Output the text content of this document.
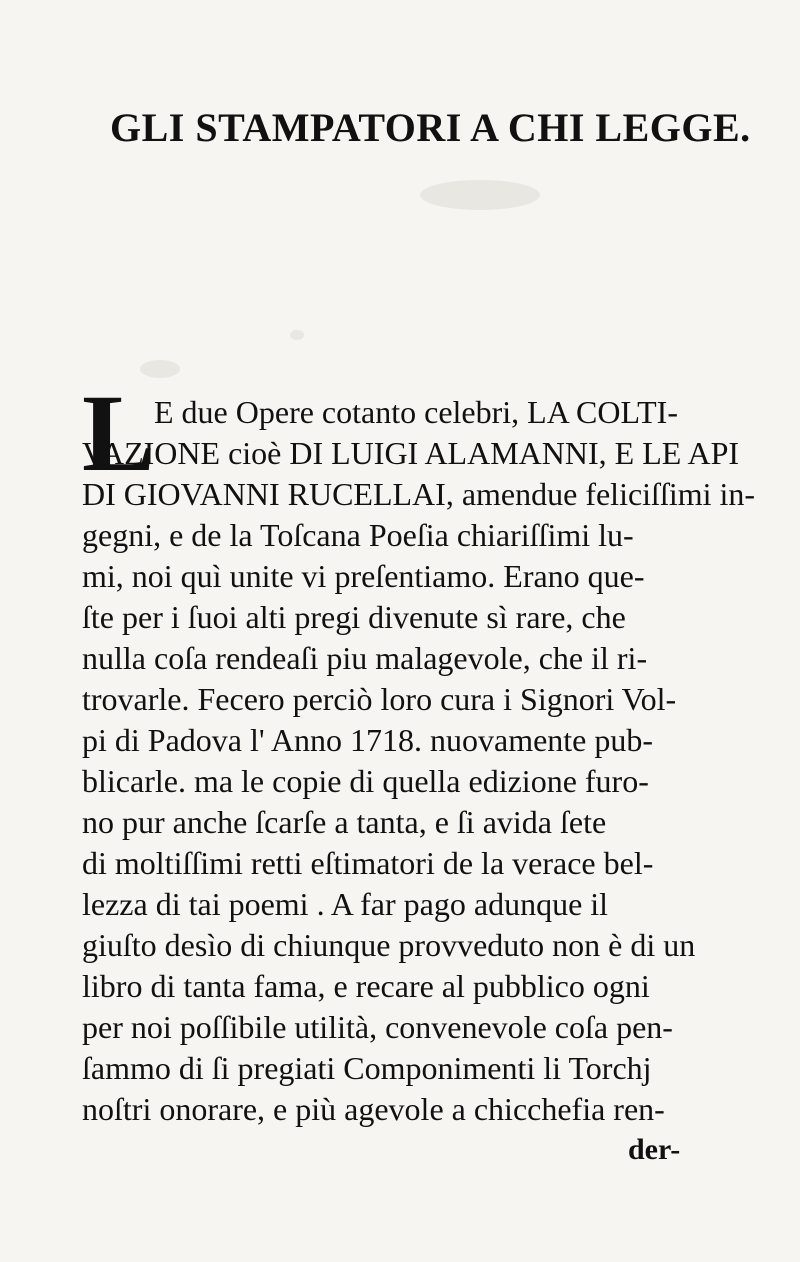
GLI STAMPATORI A CHI LEGGE.
L
E due Opere cotanto celebri, LA COLTI-
VAZIONE cioè DI LUIGI ALAMANNI, E LE API
DI GIOVANNI RUCELLAI, amendue feliciſſimi in-
gegni, e de la Toſcana Poeſia chiariſſimi lu-
mi, noi quì unite vi preſentiamo. Erano que-
ſte per i ſuoi alti pregi divenute sì rare, che
nulla coſa rendeaſi piu malagevole, che il ri-
trovarle. Fecero perciò loro cura i Signori Vol-
pi di Padova l' Anno 1718. nuovamente pub-
blicarle. ma le copie di quella edizione furo-
no pur anche ſcarſe a tanta, e ſi avida ſete
di moltiſſimi retti eſtimatori de la verace bel-
lezza di tai poemi . A far pago adunque il
giuſto desìo di chiunque provveduto non è di un
libro di tanta fama, e recare al pubblico ogni
per noi poſſibile utilità, convenevole coſa pen-
ſammo di ſi pregiati Componimenti li Torchj
noſtri onorare, e più agevole a chicchefia ren-
der-
